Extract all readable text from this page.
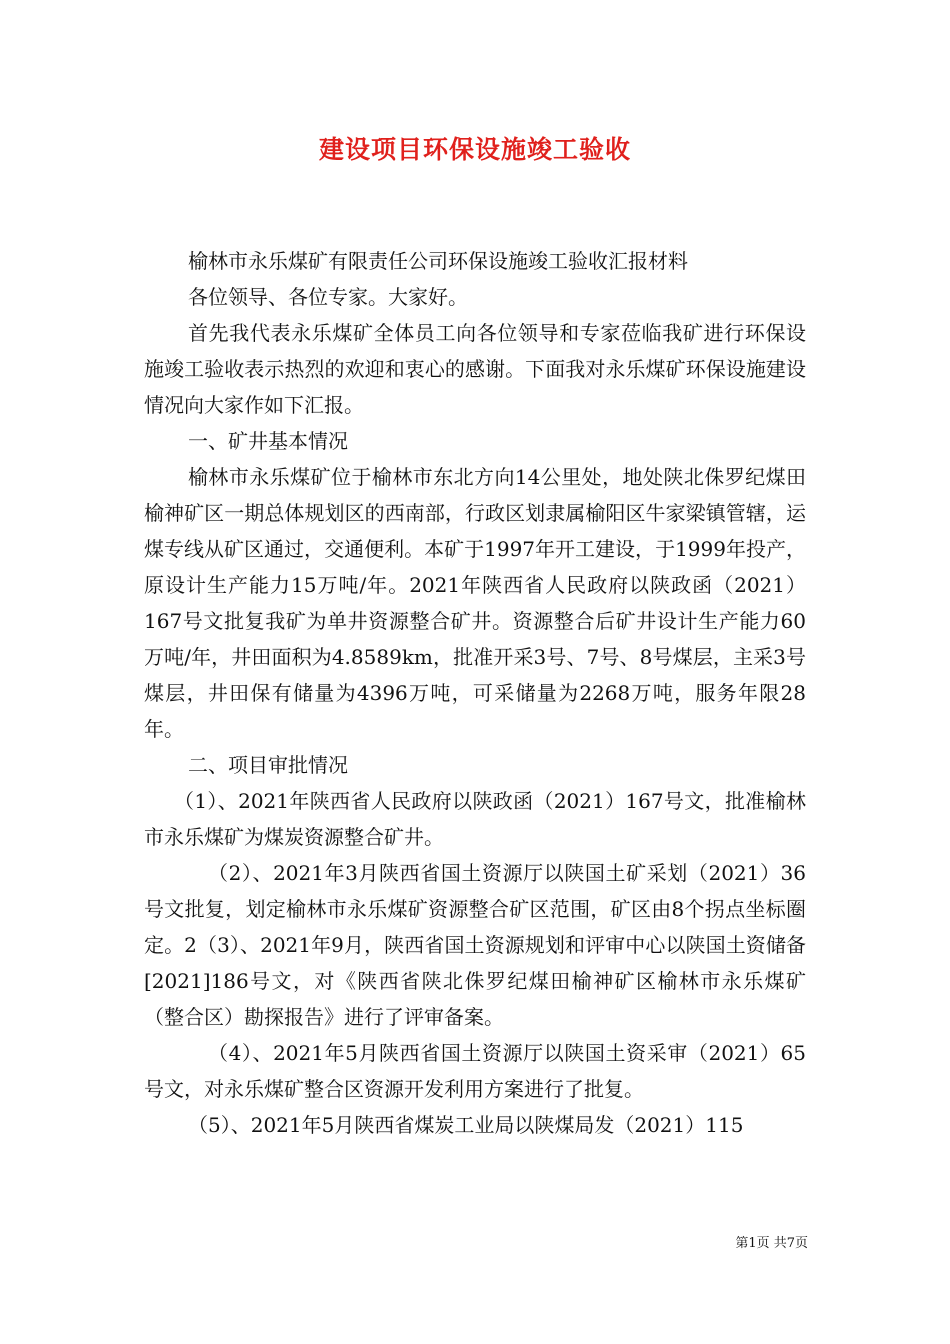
建设项目环保设施竣工验收

榆林市永乐煤矿有限责任公司环保设施竣工验收汇报材料

各位领导、各位专家。大家好。

首先我代表永乐煤矿全体员工向各位领导和专家莅临我矿进行环保设施竣工验收表示热烈的欢迎和衷心的感谢。下面我对永乐煤矿环保设施建设情况向大家作如下汇报。

一、矿井基本情况

榆林市永乐煤矿位于榆林市东北方向14公里处，地处陕北侏罗纪煤田榆神矿区一期总体规划区的西南部，行政区划隶属榆阳区牛家梁镇管辖，运煤专线从矿区通过，交通便利。本矿于1997年开工建设，于1999年投产，原设计生产能力15万吨/年。2021年陕西省人民政府以陕政函（2021）167号文批复我矿为单井资源整合矿井。资源整合后矿井设计生产能力60万吨/年，井田面积为4.8589km，批准开采3号、7号、8号煤层，主采3号煤层，井田保有储量为4396万吨，可采储量为2268万吨，服务年限28年。

二、项目审批情况

（1）、2021年陕西省人民政府以陕政函（2021）167号文，批准榆林市永乐煤矿为煤炭资源整合矿井。

（2）、2021年3月陕西省国土资源厅以陕国土矿采划（2021）36号文批复，划定榆林市永乐煤矿资源整合矿区范围，矿区由8个拐点坐标圈定。2（3）、2021年9月，陕西省国土资源规划和评审中心以陕国土资储备[2021]186号文，对《陕西省陕北侏罗纪煤田榆神矿区榆林市永乐煤矿（整合区）勘探报告》进行了评审备案。

（4）、2021年5月陕西省国土资源厅以陕国土资采审（2021）65号文，对永乐煤矿整合区资源开发利用方案进行了批复。

（5）、2021年5月陕西省煤炭工业局以陕煤局发（2021）115

第1页 共7页
